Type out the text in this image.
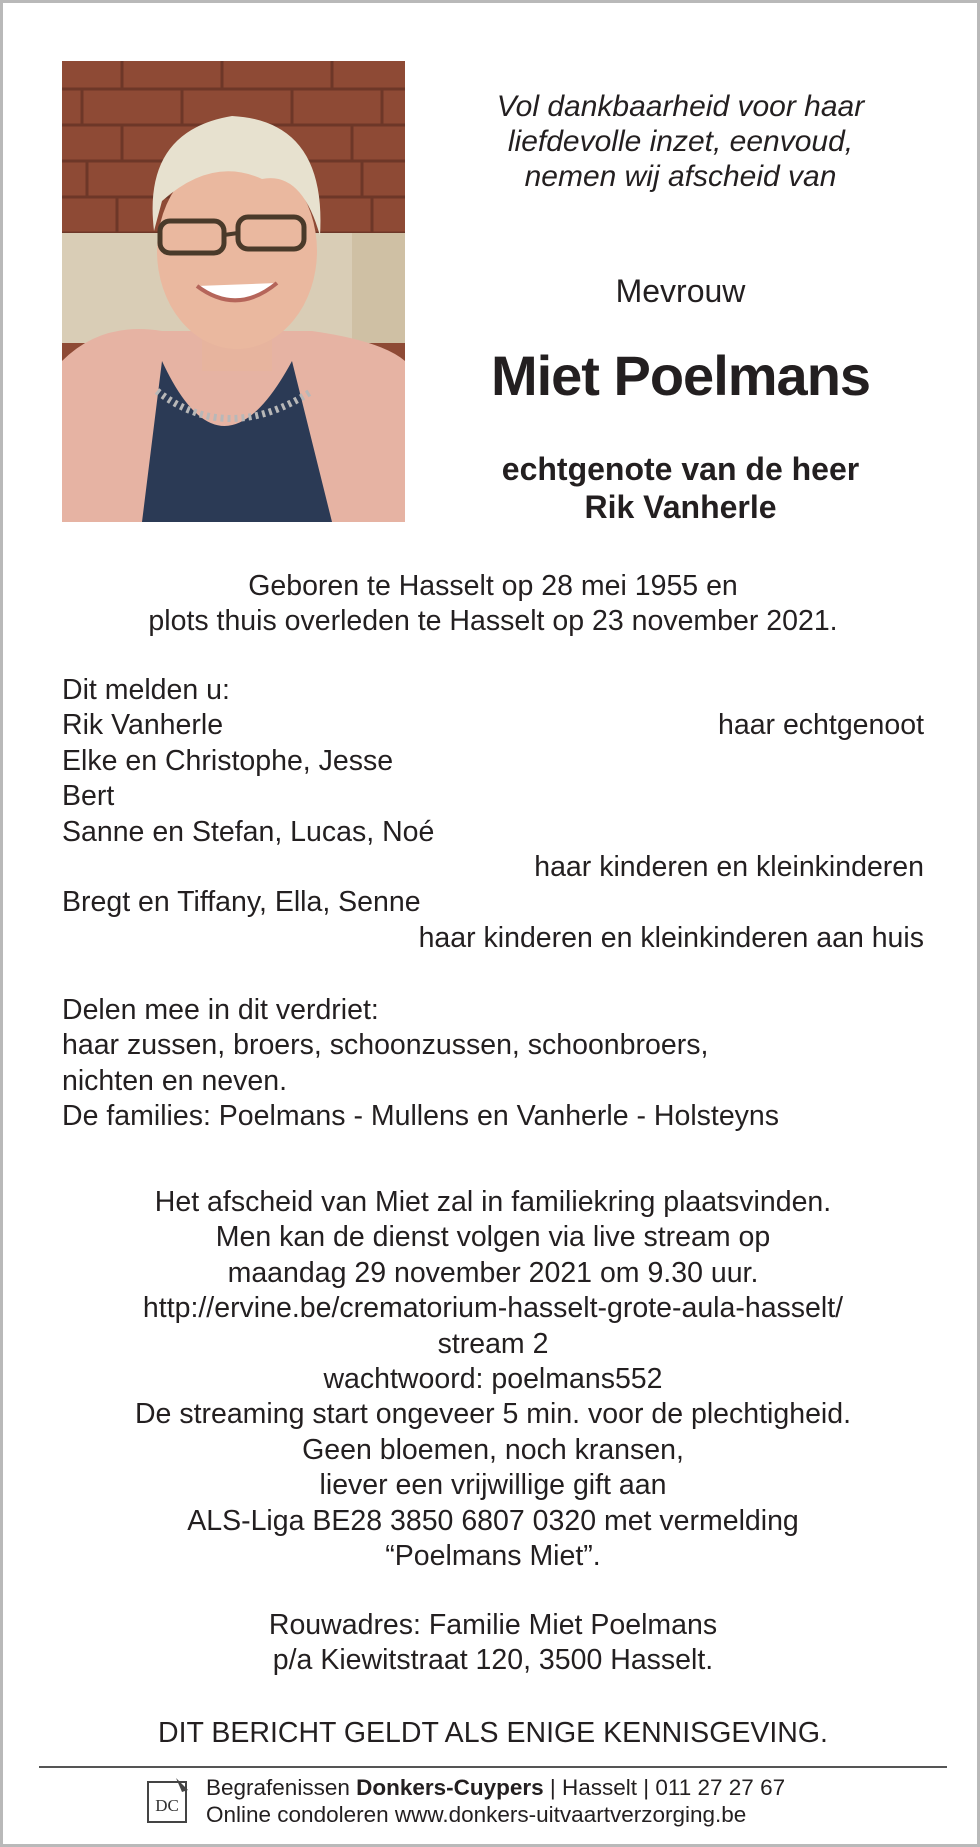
Vol dankbaarheid voor haar
liefdevolle inzet, eenvoud,
nemen wij afscheid van
Mevrouw
Miet Poelmans
echtgenote van de heer
Rik Vanherle
Geboren te Hasselt op 28 mei 1955 en
plots thuis overleden te Hasselt op 23 november 2021.
Dit melden u:
Rik Vanherle	haar echtgenoot
Elke en Christophe, Jesse
Bert
Sanne en Stefan, Lucas, Noé
haar kinderen en kleinkinderen
Bregt en Tiffany, Ella, Senne
haar kinderen en kleinkinderen aan huis
Delen mee in dit verdriet:
haar zussen, broers, schoonzussen, schoonbroers,
nichten en neven.
De families: Poelmans - Mullens en Vanherle - Holsteyns
Het afscheid van Miet zal in familiekring plaatsvinden.
Men kan de dienst volgen via live stream op
maandag 29 november 2021 om 9.30 uur.
http://ervine.be/crematorium-hasselt-grote-aula-hasselt/
stream 2
wachtwoord: poelmans552
De streaming start ongeveer 5 min. voor de plechtigheid.
Geen bloemen, noch kransen,
liever een vrijwillige gift aan
ALS-Liga BE28 3850 6807 0320 met vermelding
“Poelmans Miet”.
Rouwadres: Familie Miet Poelmans
p/a Kiewitstraat 120, 3500 Hasselt.
DIT BERICHT GELDT ALS ENIGE KENNISGEVING.
DC
Begrafenissen Donkers-Cuypers | Hasselt | 011 27 27 67
Online condoleren www.donkers-uitvaartverzorging.be
